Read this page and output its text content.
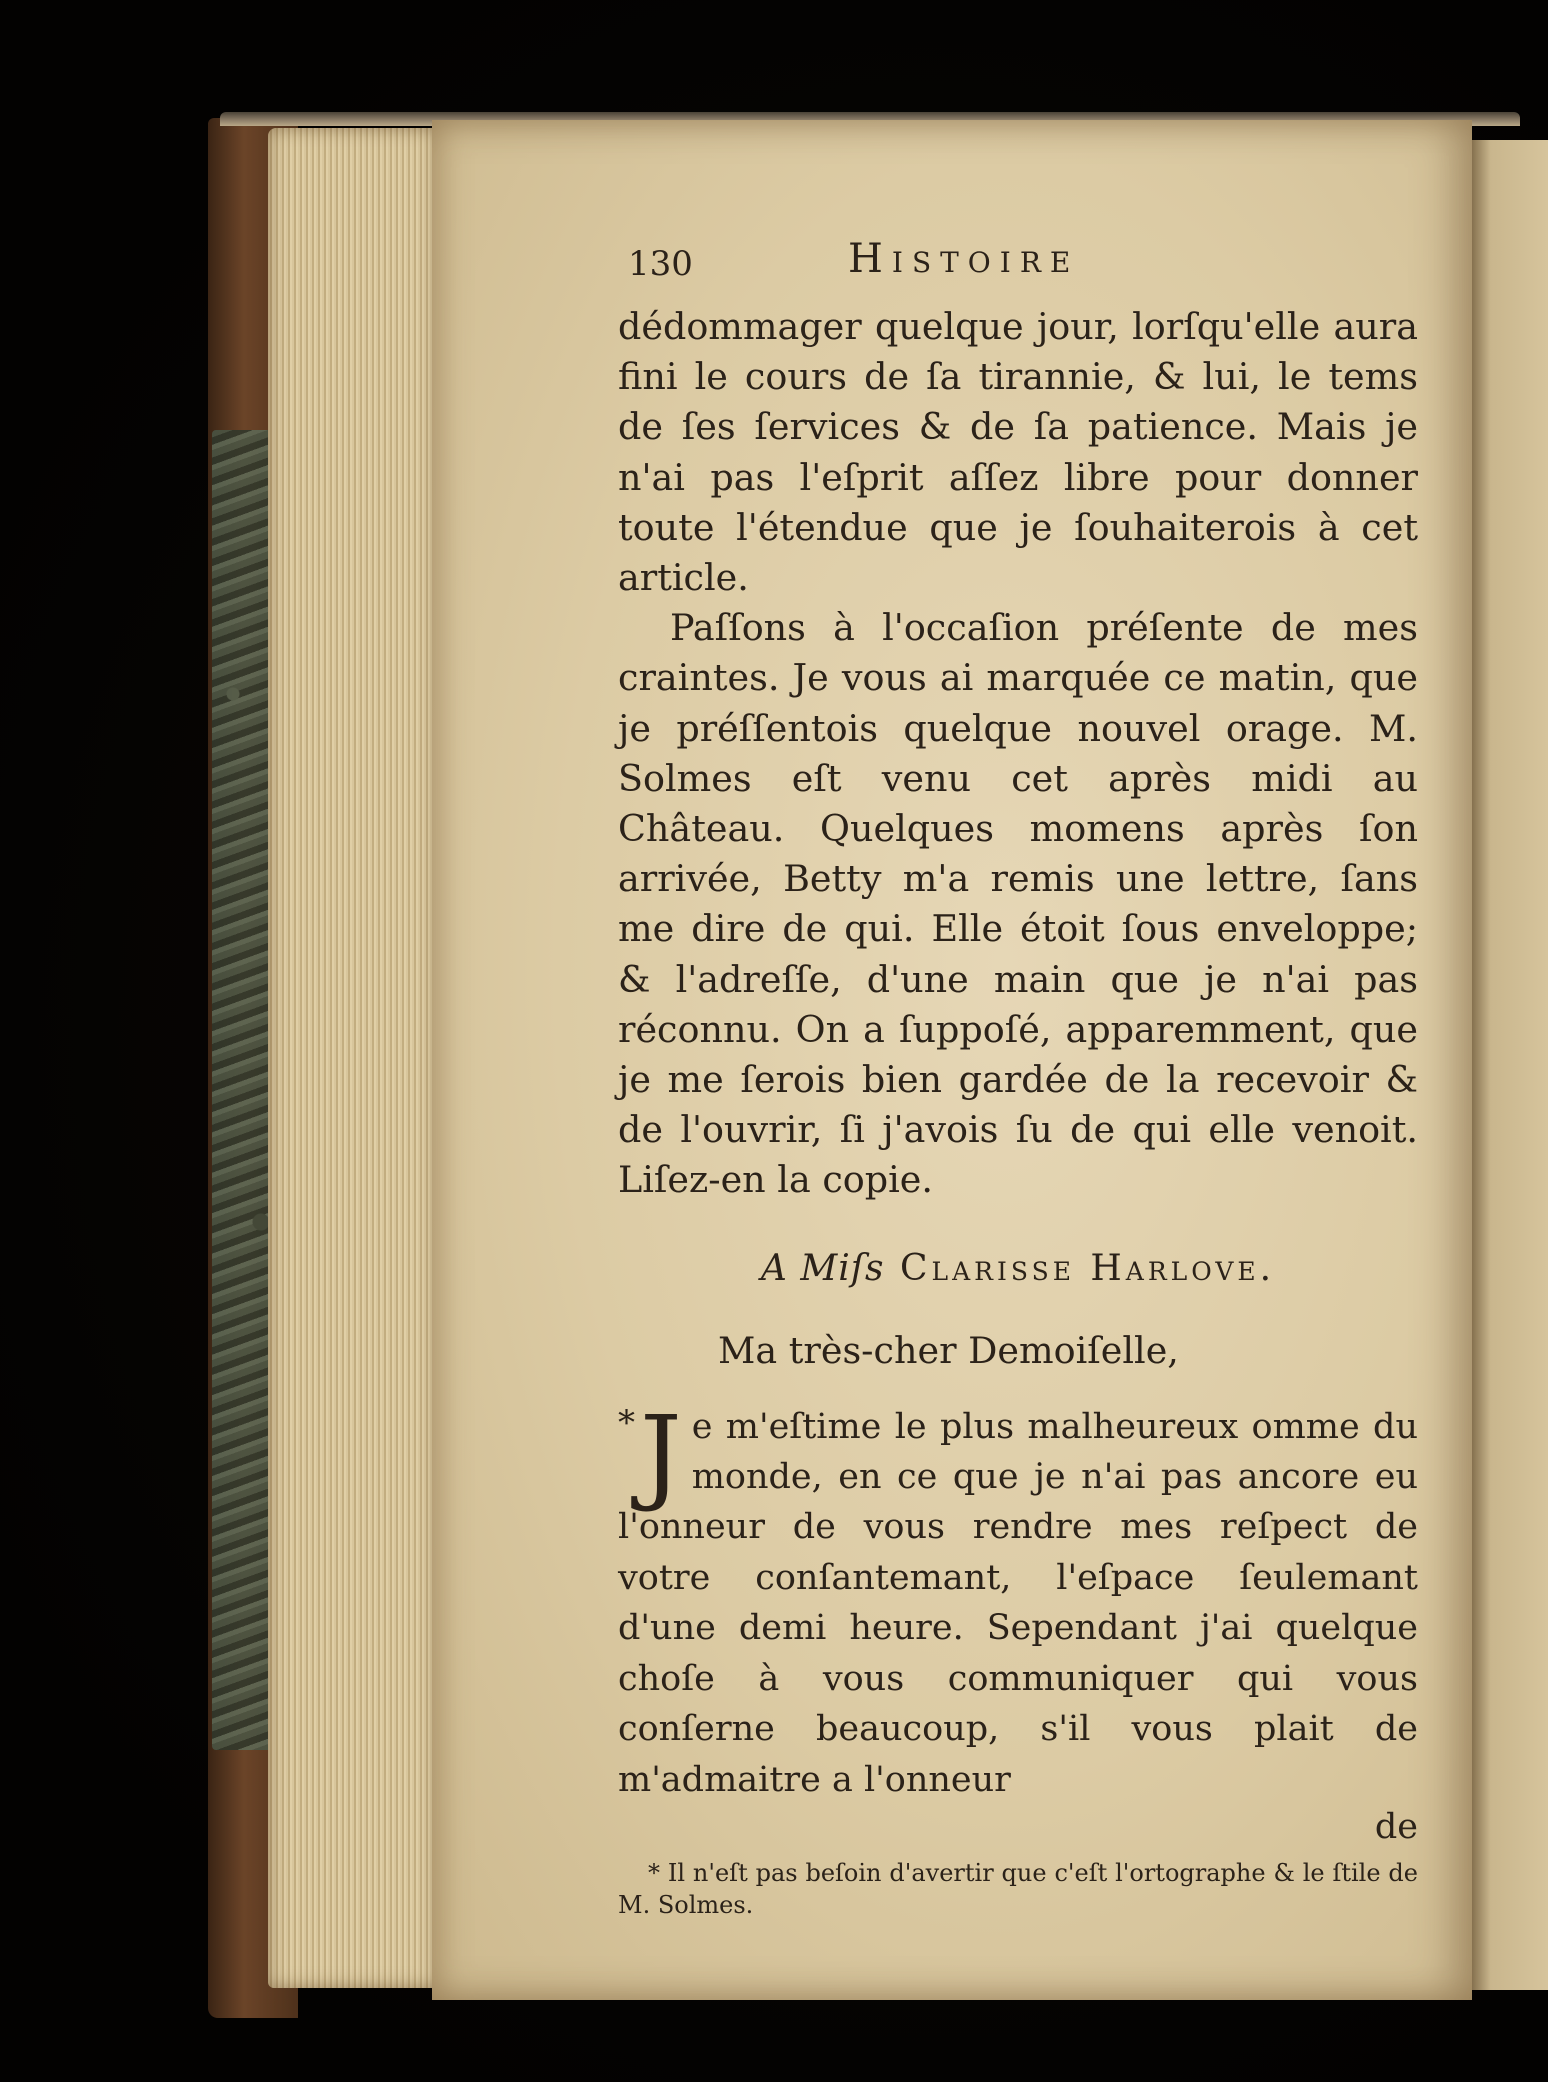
130	Histoire

dédommager quelque jour, lorſqu'elle aura fini le cours de ſa tirannie, & lui, le tems de ſes ſervices & de ſa patience. Mais je n'ai pas l'eſprit aſſez libre pour donner toute l'étendue que je ſouhaiterois à cet article.

Paſſons à l'occaſion préſente de mes craintes. Je vous ai marquée ce matin, que je préſſentois quelque nouvel orage. M. Solmes eſt venu cet après midi au Château. Quelques momens après ſon arrivée, Betty m'a remis une lettre, ſans me dire de qui. Elle étoit ſous enveloppe; & l'adreſſe, d'une main que je n'ai pas réconnu. On a ſuppoſé, apparemment, que je me ſerois bien gardée de la recevoir & de l'ouvrir, ſi j'avois ſu de qui elle venoit. Liſez-en la copie.

A Miſs Clarisse Harlove.
Ma très-cher Demoiſelle,
* J e m'eſtime le plus malheureux omme du monde, en ce que je n'ai pas ancore eu l'onneur de vous rendre mes reſpect de votre conſantemant, l'eſpace ſeulemant d'une demi heure. Sependant j'ai quelque choſe à vous communiquer qui vous conſerne beaucoup, s'il vous plait de m'admaitre a l'onneur
de
* Il n'eſt pas beſoin d'avertir que c'eſt l'ortographe & le ſtile de M. Solmes.
